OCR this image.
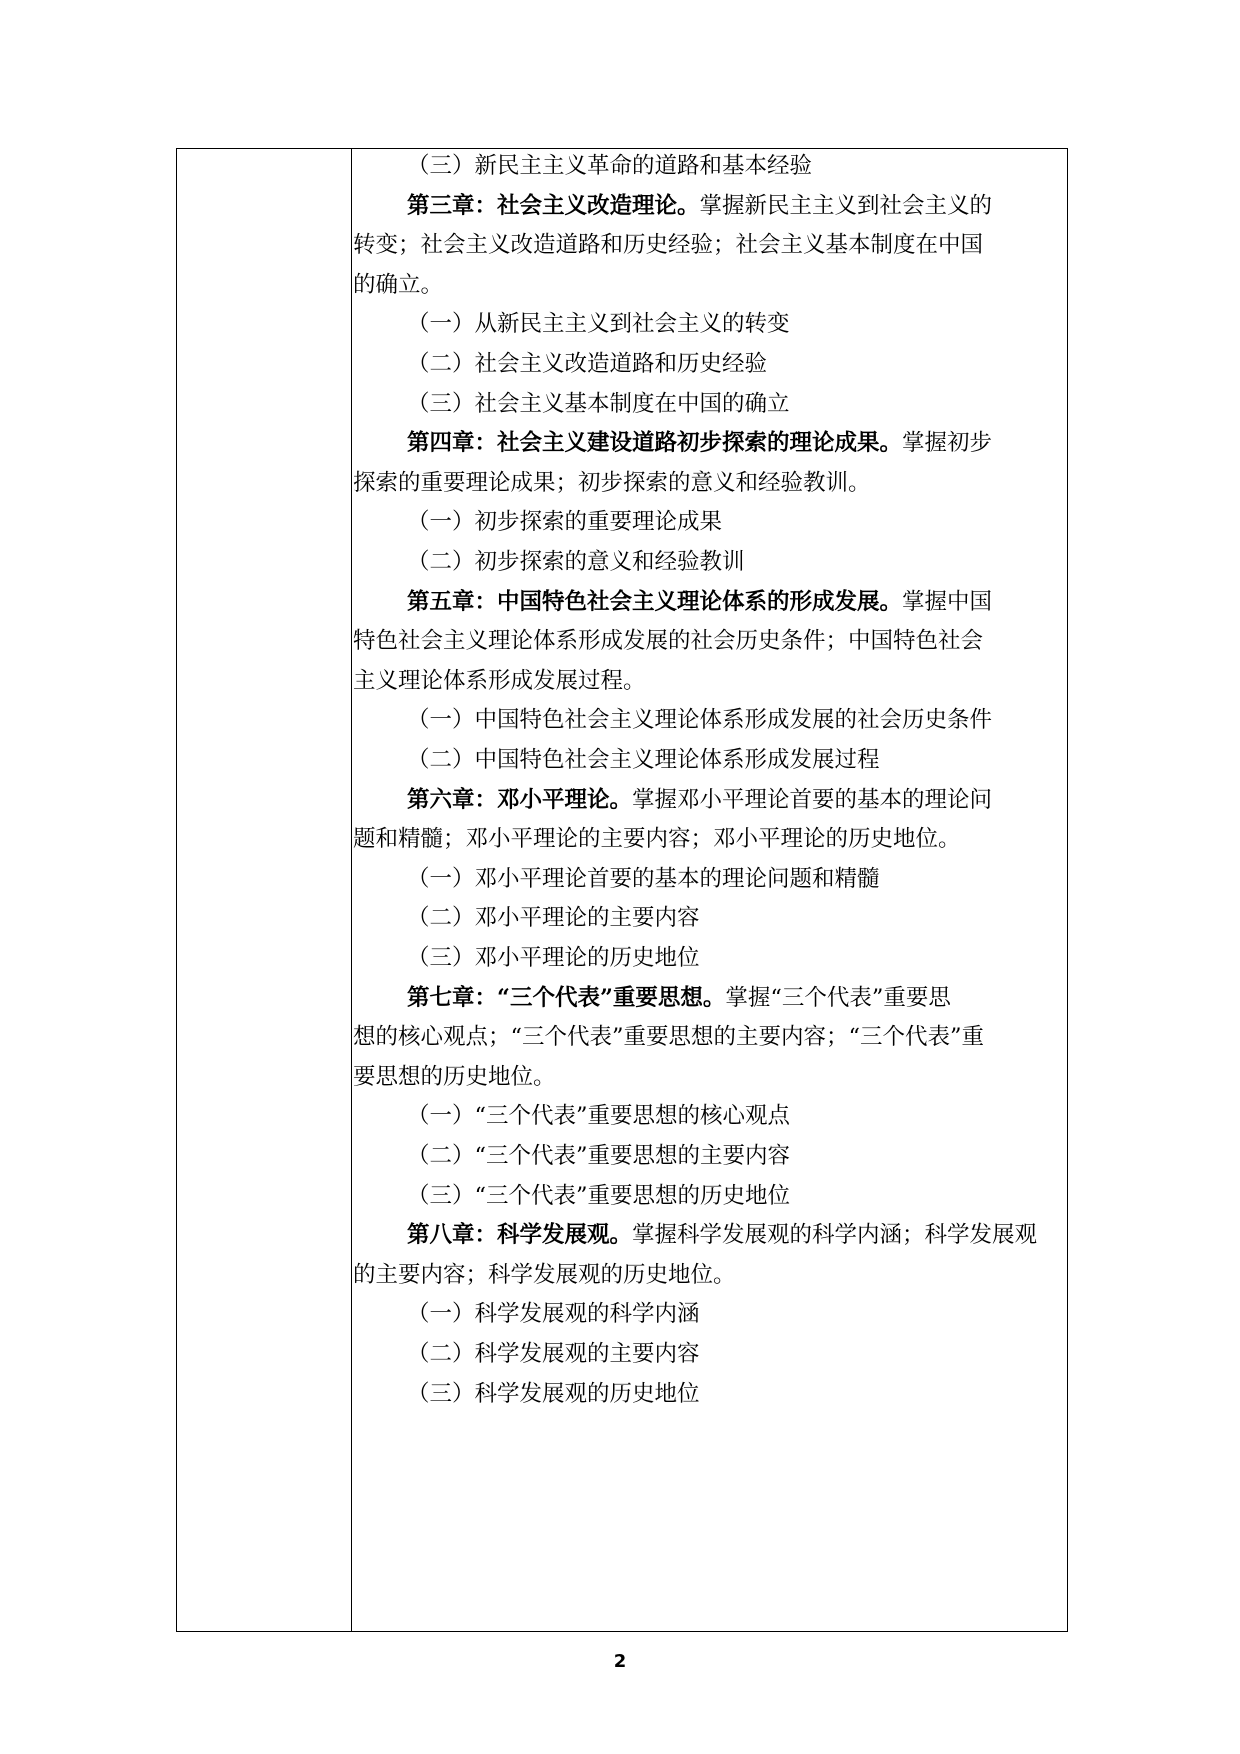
（三）新民主主义革命的道路和基本经验
第三章：社会主义改造理论。掌握新民主主义到社会主义的
转变；社会主义改造道路和历史经验；社会主义基本制度在中国
的确立。
（一）从新民主主义到社会主义的转变
（二）社会主义改造道路和历史经验
（三）社会主义基本制度在中国的确立
第四章：社会主义建设道路初步探索的理论成果。掌握初步
探索的重要理论成果；初步探索的意义和经验教训。
（一）初步探索的重要理论成果
（二）初步探索的意义和经验教训
第五章：中国特色社会主义理论体系的形成发展。掌握中国
特色社会主义理论体系形成发展的社会历史条件；中国特色社会
主义理论体系形成发展过程。
（一）中国特色社会主义理论体系形成发展的社会历史条件
（二）中国特色社会主义理论体系形成发展过程
第六章：邓小平理论。掌握邓小平理论首要的基本的理论问
题和精髓；邓小平理论的主要内容；邓小平理论的历史地位。
（一）邓小平理论首要的基本的理论问题和精髓
（二）邓小平理论的主要内容
（三）邓小平理论的历史地位
第七章：“三个代表”重要思想。掌握“三个代表”重要思
想的核心观点；“三个代表”重要思想的主要内容；“三个代表”重
要思想的历史地位。
（一）“三个代表”重要思想的核心观点
（二）“三个代表”重要思想的主要内容
（三）“三个代表”重要思想的历史地位
第八章：科学发展观。掌握科学发展观的科学内涵；科学发展观
的主要内容；科学发展观的历史地位。
（一）科学发展观的科学内涵
（二）科学发展观的主要内容
（三）科学发展观的历史地位
2
